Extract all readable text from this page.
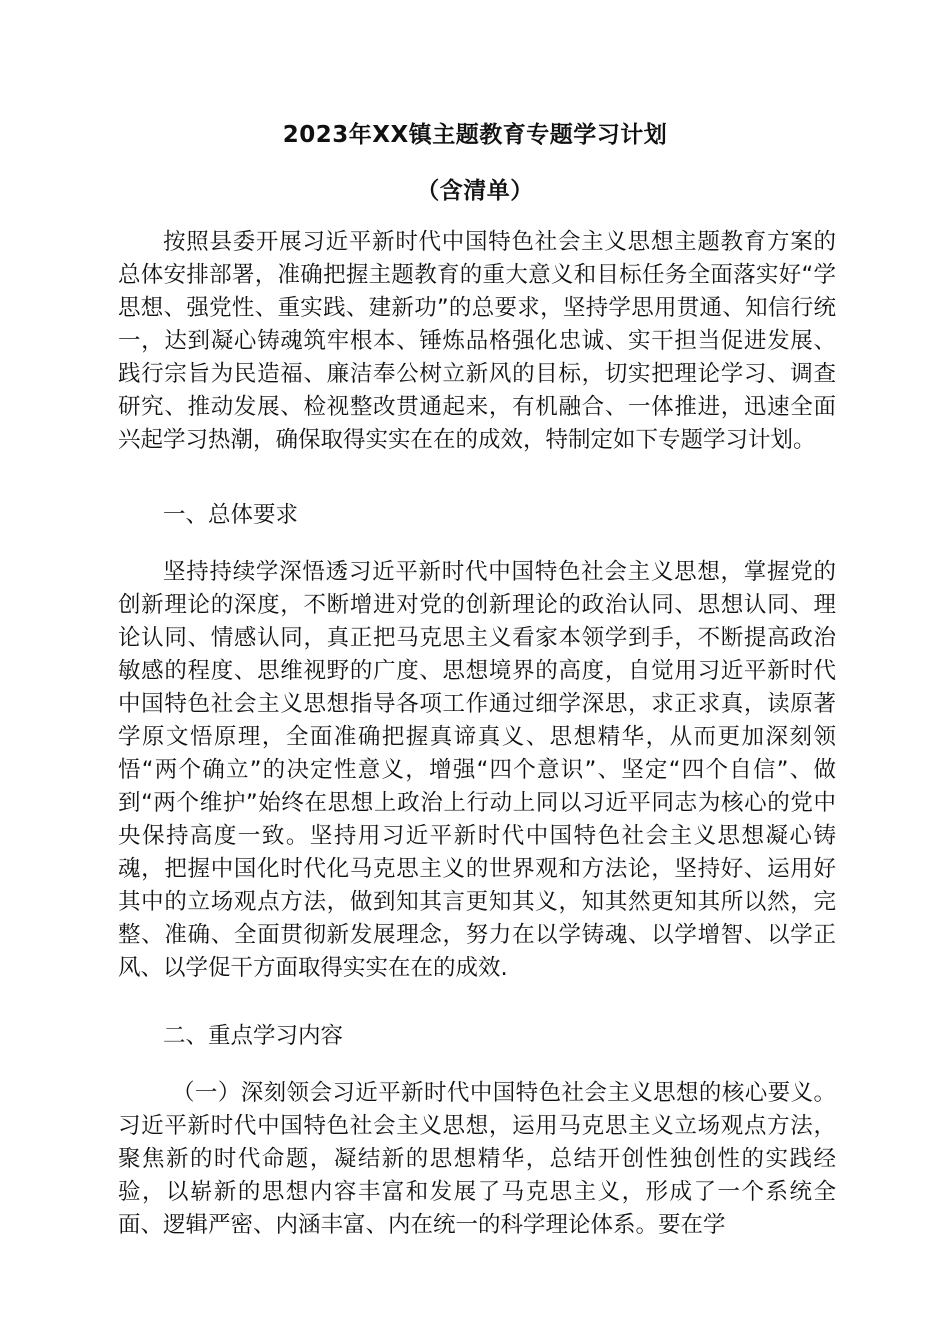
2023年XX镇主题教育专题学习计划
（含清单）

按照县委开展习近平新时代中国特色社会主义思想主题教育方案的总体安排部署，准确把握主题教育的重大意义和目标任务全面落实好“学思想、强党性、重实践、建新功”的总要求，坚持学思用贯通、知信行统一，达到凝心铸魂筑牢根本、锤炼品格强化忠诚、实干担当促进发展、践行宗旨为民造福、廉洁奉公树立新风的目标，切实把理论学习、调查研究、推动发展、检视整改贯通起来，有机融合、一体推进，迅速全面兴起学习热潮，确保取得实实在在的成效，特制定如下专题学习计划。

一、总体要求

坚持持续学深悟透习近平新时代中国特色社会主义思想，掌握党的创新理论的深度，不断增进对党的创新理论的政治认同、思想认同、理论认同、情感认同，真正把马克思主义看家本领学到手，不断提高政治敏感的程度、思维视野的广度、思想境界的高度，自觉用习近平新时代中国特色社会主义思想指导各项工作通过细学深思，求正求真，读原著学原文悟原理，全面准确把握真谛真义、思想精华，从而更加深刻领悟“两个确立”的决定性意义，增强“四个意识”、坚定“四个自信”、做到“两个维护”始终在思想上政治上行动上同以习近平同志为核心的党中央保持高度一致。坚持用习近平新时代中国特色社会主义思想凝心铸魂，把握中国化时代化马克思主义的世界观和方法论，坚持好、运用好其中的立场观点方法，做到知其言更知其义，知其然更知其所以然，完整、准确、全面贯彻新发展理念，努力在以学铸魂、以学增智、以学正风、以学促干方面取得实实在在的成效.

二、重点学习内容

（一）深刻领会习近平新时代中国特色社会主义思想的核心要义。习近平新时代中国特色社会主义思想，运用马克思主义立场观点方法，聚焦新的时代命题，凝结新的思想精华，总结开创性独创性的实践经验，以崭新的思想内容丰富和发展了马克思主义，形成了一个系统全面、逻辑严密、内涵丰富、内在统一的科学理论体系。要在学
